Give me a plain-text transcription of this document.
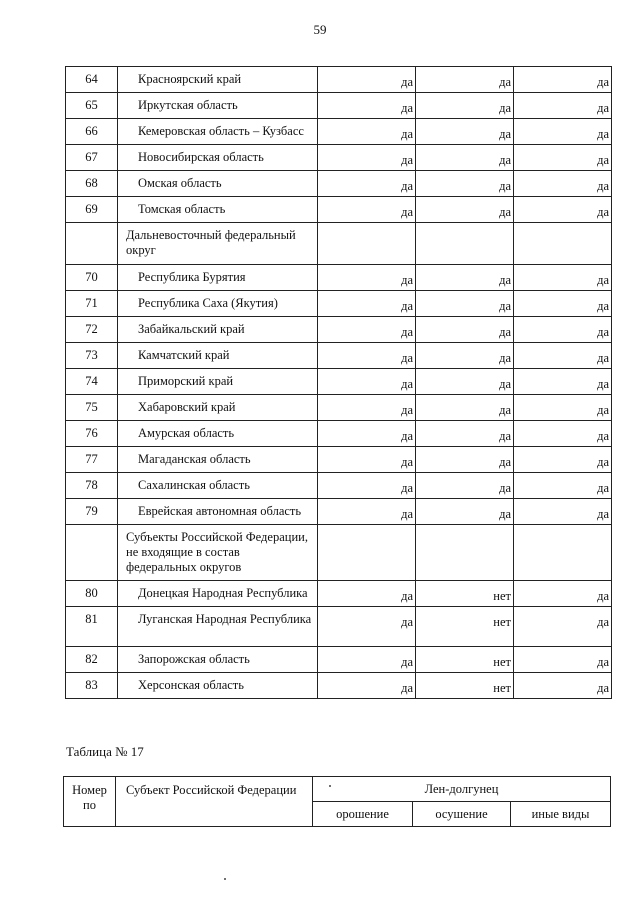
59
64	Красноярский край	да	да	да
65	Иркутская область	да	да	да
66	Кемеровская область – Кузбасс	да	да	да
67	Новосибирская область	да	да	да
68	Омская область	да	да	да
69	Томская область	да	да	да
	Дальневосточный федеральный округ			
70	Республика Бурятия	да	да	да
71	Республика Саха (Якутия)	да	да	да
72	Забайкальский край	да	да	да
73	Камчатский край	да	да	да
74	Приморский край	да	да	да
75	Хабаровский край	да	да	да
76	Амурская область	да	да	да
77	Магаданская область	да	да	да
78	Сахалинская область	да	да	да
79	Еврейская автономная область	да	да	да
	Субъекты Российской Федерации, не входящие в состав федеральных округов			
80	Донецкая Народная Республика	да	нет	да
81	Луганская Народная Республика	да	нет	да
82	Запорожская область	да	нет	да
83	Херсонская область	да	нет	да
Таблица № 17
Номер по	Субъект Российской Федерации	Лен-долгунец		
		орошение	осушение	иные виды
